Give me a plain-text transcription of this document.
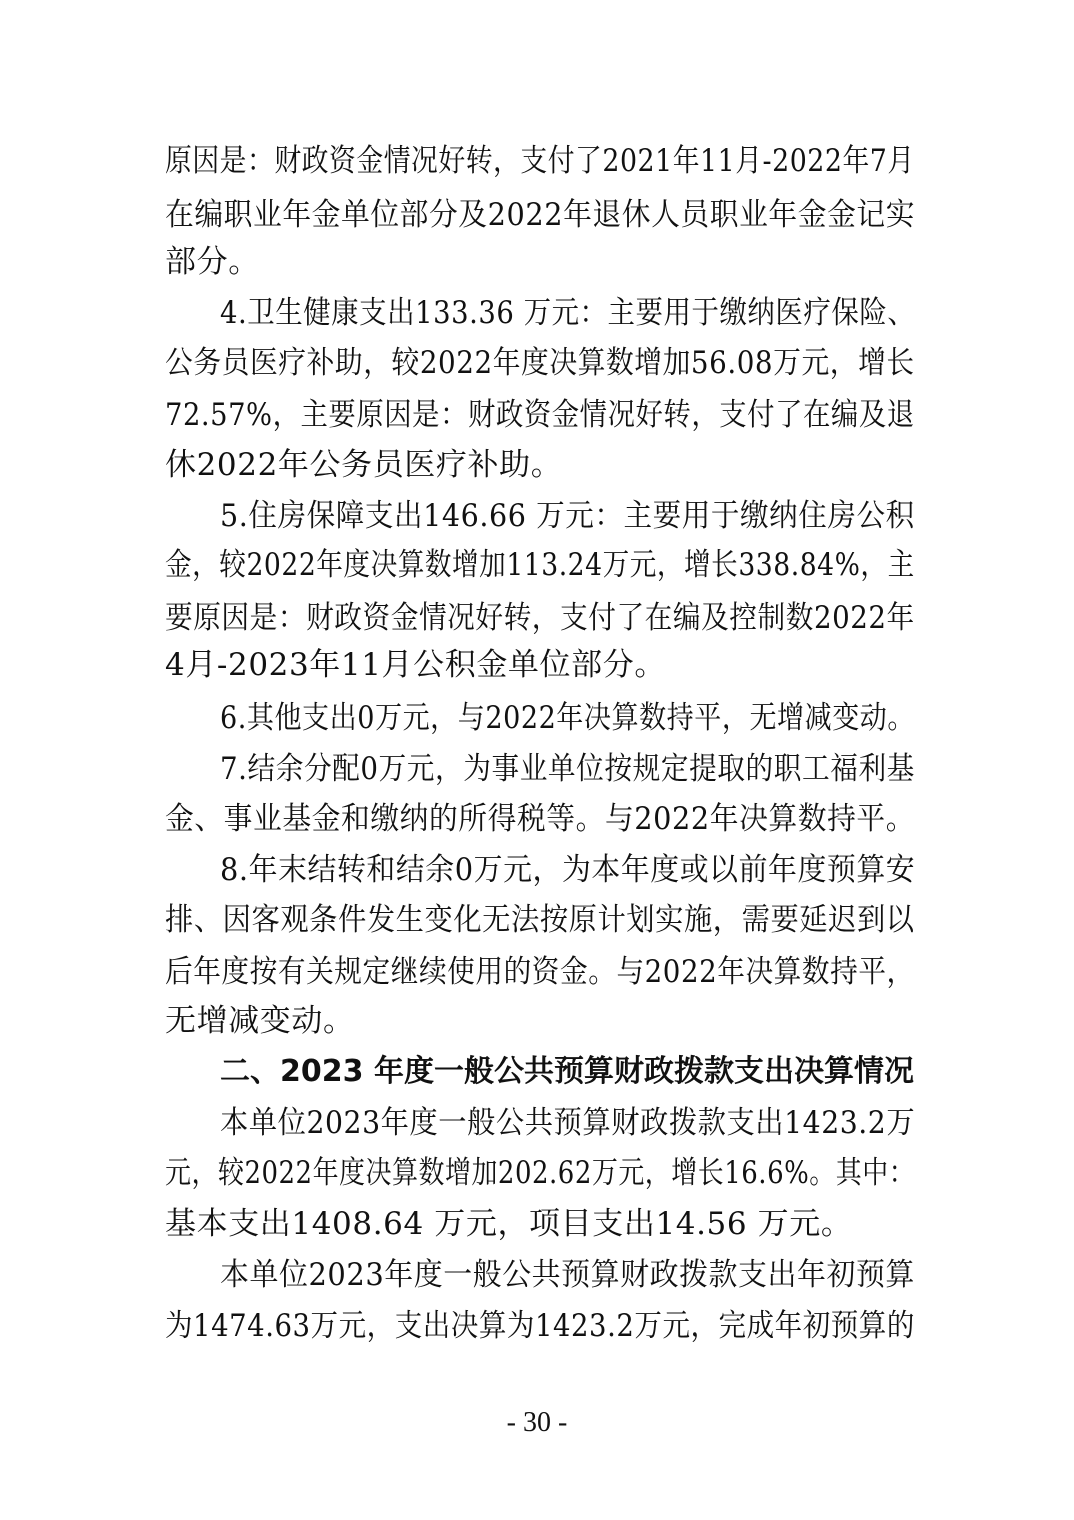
原因是：财政资金情况好转，支付了2021年11月-2022年7月
在编职业年金单位部分及2022年退休人员职业年金金记实
部分。
4.卫生健康支出133.36 万元：主要用于缴纳医疗保险、
公务员医疗补助，较2022年度决算数增加56.08万元，增长
72.57%，主要原因是：财政资金情况好转，支付了在编及退
休2022年公务员医疗补助。
5.住房保障支出146.66 万元：主要用于缴纳住房公积
金，较2022年度决算数增加113.24万元，增长338.84%，主
要原因是：财政资金情况好转，支付了在编及控制数2022年
4月-2023年11月公积金单位部分。
6.其他支出0万元，与2022年决算数持平，无增减变动。
7.结余分配0万元，为事业单位按规定提取的职工福利基
金、事业基金和缴纳的所得税等。与2022年决算数持平。
8.年末结转和结余0万元，为本年度或以前年度预算安
排、因客观条件发生变化无法按原计划实施，需要延迟到以
后年度按有关规定继续使用的资金。与2022年决算数持平，
无增减变动。
二、2023 年度一般公共预算财政拨款支出决算情况
本单位2023年度一般公共预算财政拨款支出1423.2万
元，较2022年度决算数增加202.62万元，增长16.6%。其中：
基本支出1408.64 万元，项目支出14.56 万元。
本单位2023年度一般公共预算财政拨款支出年初预算
为1474.63万元，支出决算为1423.2万元，完成年初预算的
- 30 -
